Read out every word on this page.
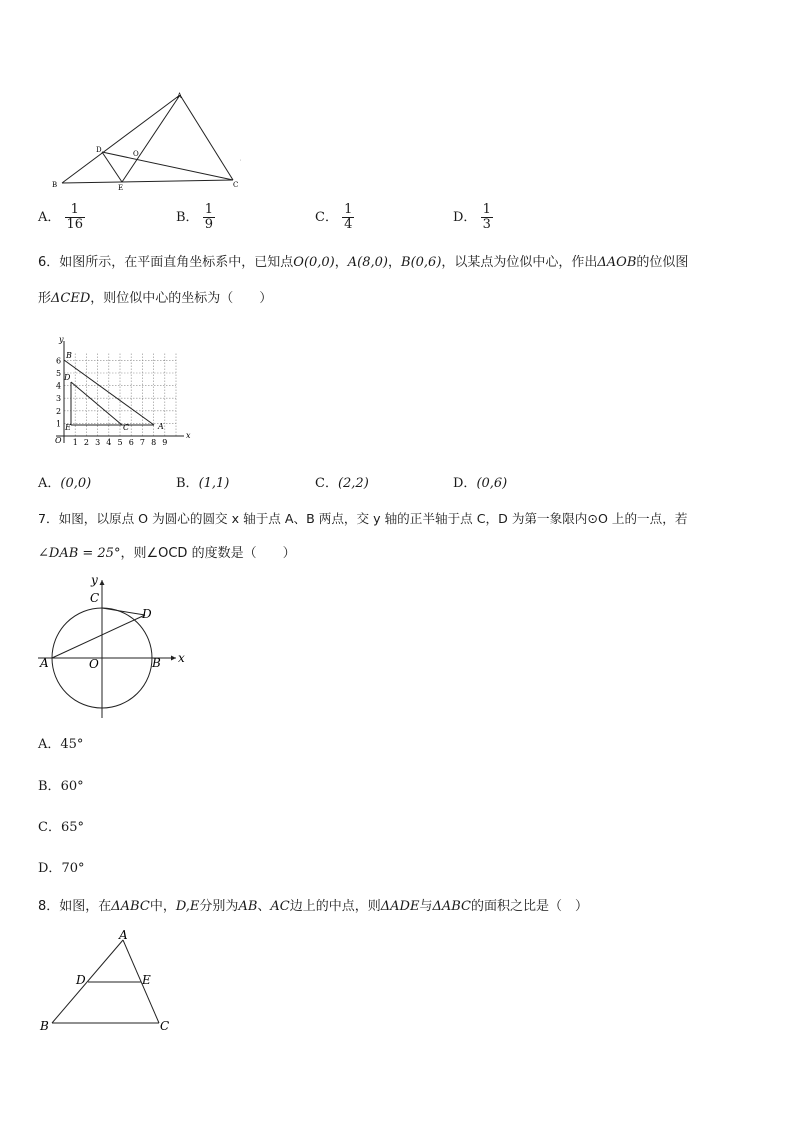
A
B	C
D
E
O
'
A． $\frac{1}{16}$	B． $\frac{1}{9}$	C． $\frac{1}{4}$	D． $\frac{1}{3}$
6．如图所示，在平面直角坐标系中，已知点O(0,0)，A(8,0)，B(0,6)，以某点为位似中心，作出ΔAOB的位似图
形ΔCED，则位似中心的坐标为（　　）
1 2 3 4 5 6 7 8 9
1
2
3
4
5
6
x
y
O
B
A
D
E	C
A．(0,0)	B．(1,1)	C．(2,2)	D．(0,6)
7．如图，以原点 O 为圆心的圆交 x 轴于点 A、B 两点，交 y 轴的正半轴于点 C，D 为第一象限内⊙O 上的一点，若
∠DAB = 25°，则∠OCD 的度数是（　　）
x
y
A	B
C
D
O
A．45°
B．60°
C．65°
D．70°
8．如图，在ΔABC中，D,E分别为AB、AC边上的中点，则ΔADE与ΔABC的面积之比是（　）
A
B	C
D	E
